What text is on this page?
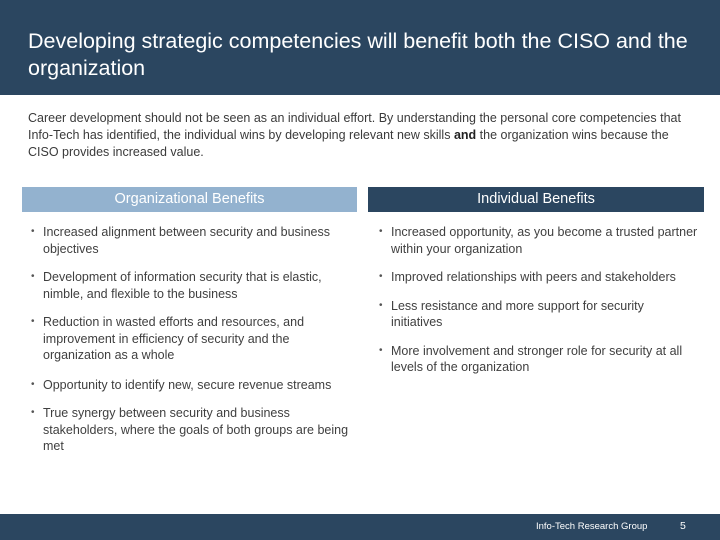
Developing strategic competencies will benefit both the CISO and the organization

Career development should not be seen as an individual effort. By understanding the personal core competencies that Info-Tech has identified, the individual wins by developing relevant new skills and the organization wins because the CISO provides increased value.

Organizational Benefits	Individual Benefits
• Increased alignment between security and business objectives
• Development of information security that is elastic, nimble, and flexible to the business
• Reduction in wasted efforts and resources, and improvement in efficiency of security and the organization as a whole
• Opportunity to identify new, secure revenue streams
• True synergy between security and business stakeholders, where the goals of both groups are being met
• Increased opportunity, as you become a trusted partner within your organization
• Improved relationships with peers and stakeholders
• Less resistance and more support for security initiatives
• More involvement and stronger role for security at all levels of the organization
Info-Tech Research Group	5
